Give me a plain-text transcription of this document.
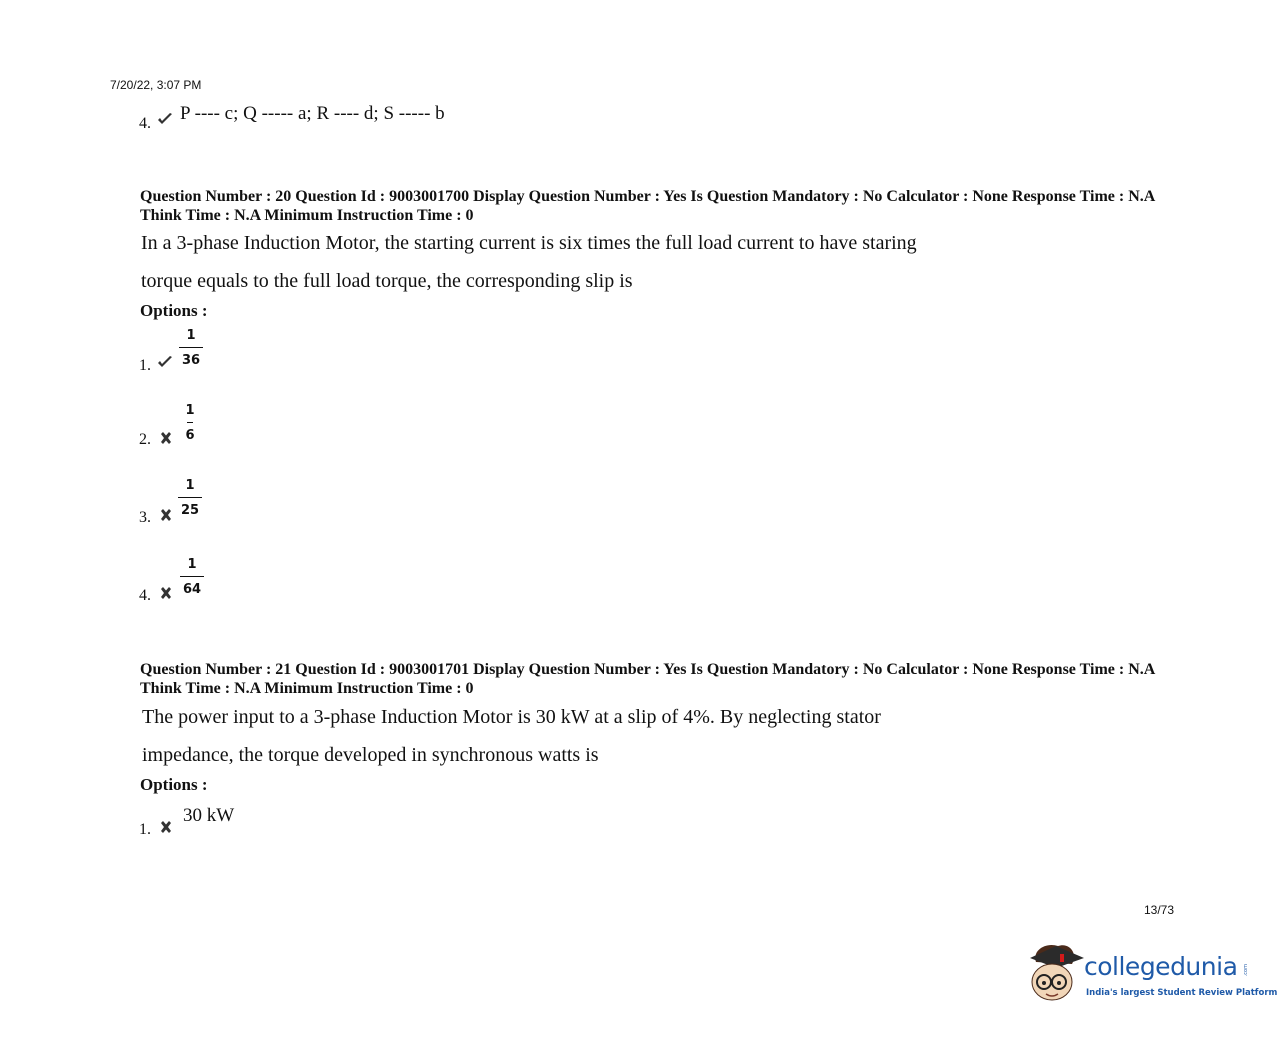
7/20/22, 3:07 PM
4. P ---- c; Q ----- a; R ---- d; S ----- b
Question Number : 20 Question Id : 9003001700 Display Question Number : Yes Is Question Mandatory : No Calculator : None Response Time : N.A Think Time : N.A Minimum Instruction Time : 0
In a 3-phase Induction Motor, the starting current is six times the full load current to have staring
torque equals to the full load torque, the corresponding slip is
Options :
1.
1
36
2.
1
6
3.
1
25
4.
1
64
Question Number : 21 Question Id : 9003001701 Display Question Number : Yes Is Question Mandatory : No Calculator : None Response Time : N.A Think Time : N.A Minimum Instruction Time : 0
The power input to a 3-phase Induction Motor is 30 kW at a slip of 4%. By neglecting stator
impedance, the torque developed in synchronous watts is
Options :
1.
30 kW
13/73
collegedunia .com
India's largest Student Review Platform
